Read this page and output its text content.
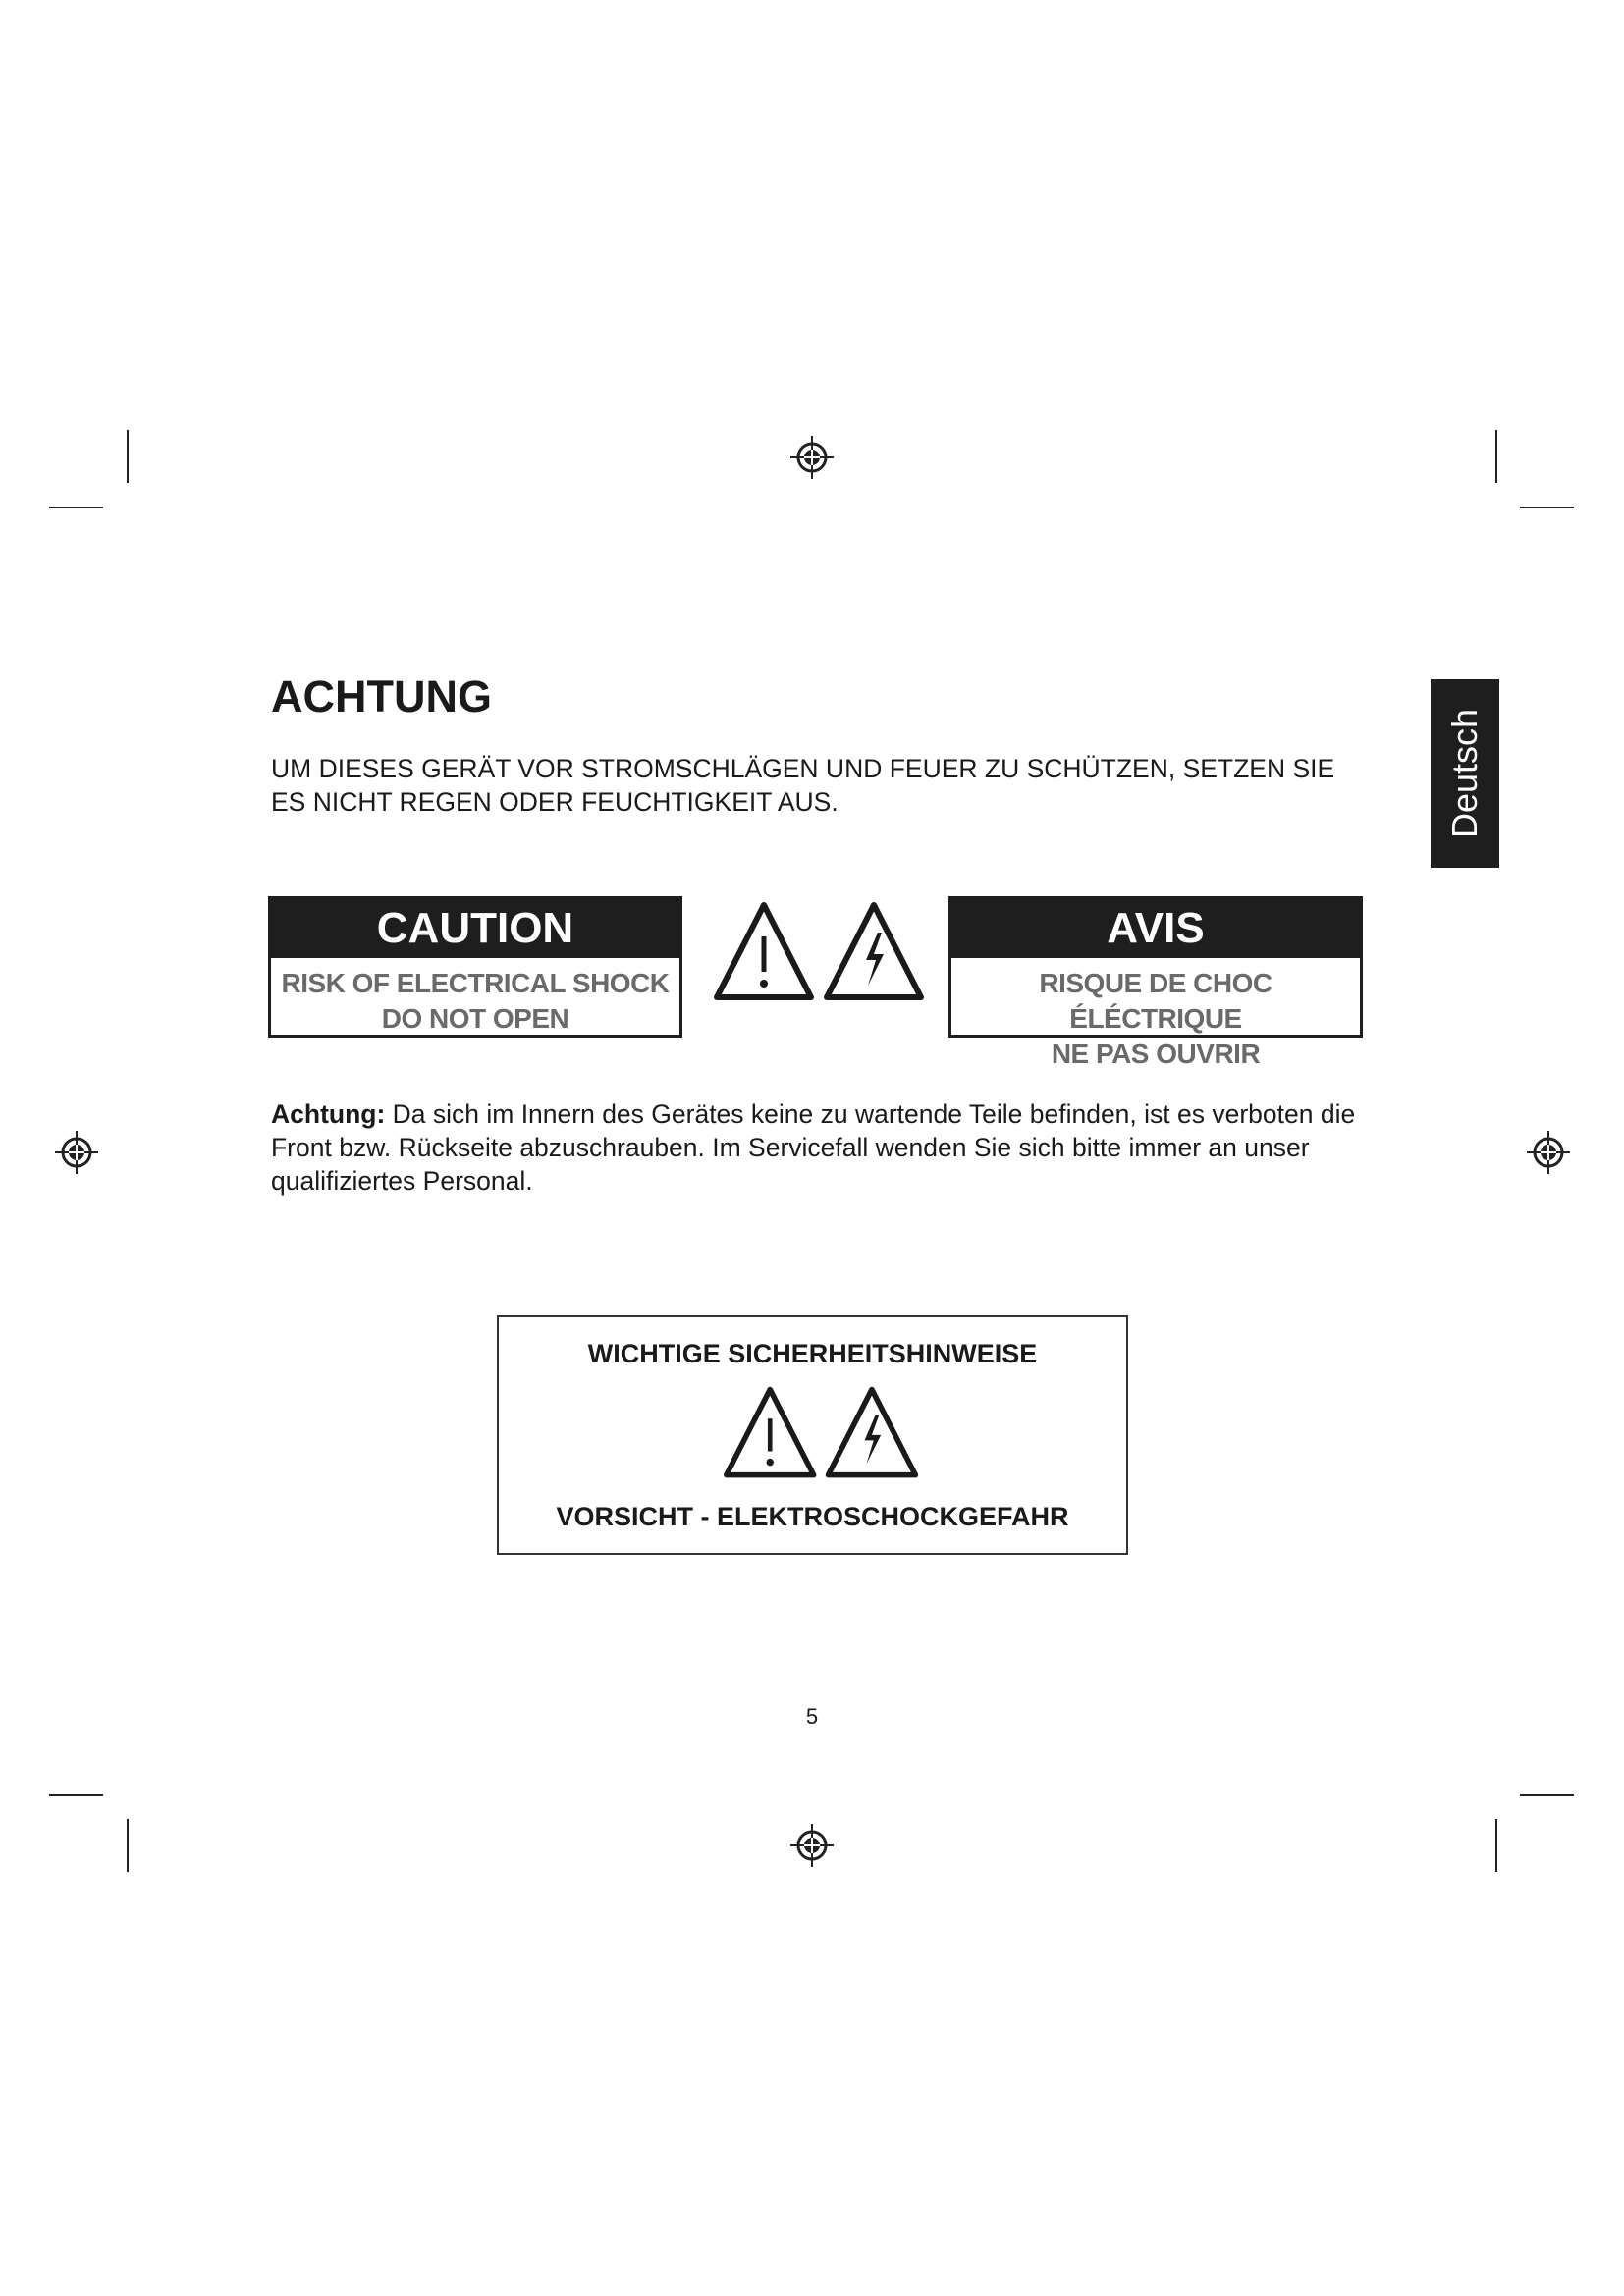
Deutsch
ACHTUNG
UM DIESES GERÄT VOR STROMSCHLÄGEN UND FEUER ZU SCHÜTZEN, SETZEN SIE
ES NICHT REGEN ODER FEUCHTIGKEIT AUS.
CAUTION
RISK OF ELECTRICAL SHOCK
DO NOT OPEN
AVIS
RISQUE DE CHOC ÉLÉCTRIQUE
NE PAS OUVRIR
Achtung: Da sich im Innern des Gerätes keine zu wartende Teile befinden, ist es verboten die Front bzw. Rückseite abzuschrauben. Im Servicefall wenden Sie sich bitte immer an unser qualifiziertes Personal.
WICHTIGE SICHERHEITSHINWEISE
VORSICHT - ELEKTROSCHOCKGEFAHR
5
